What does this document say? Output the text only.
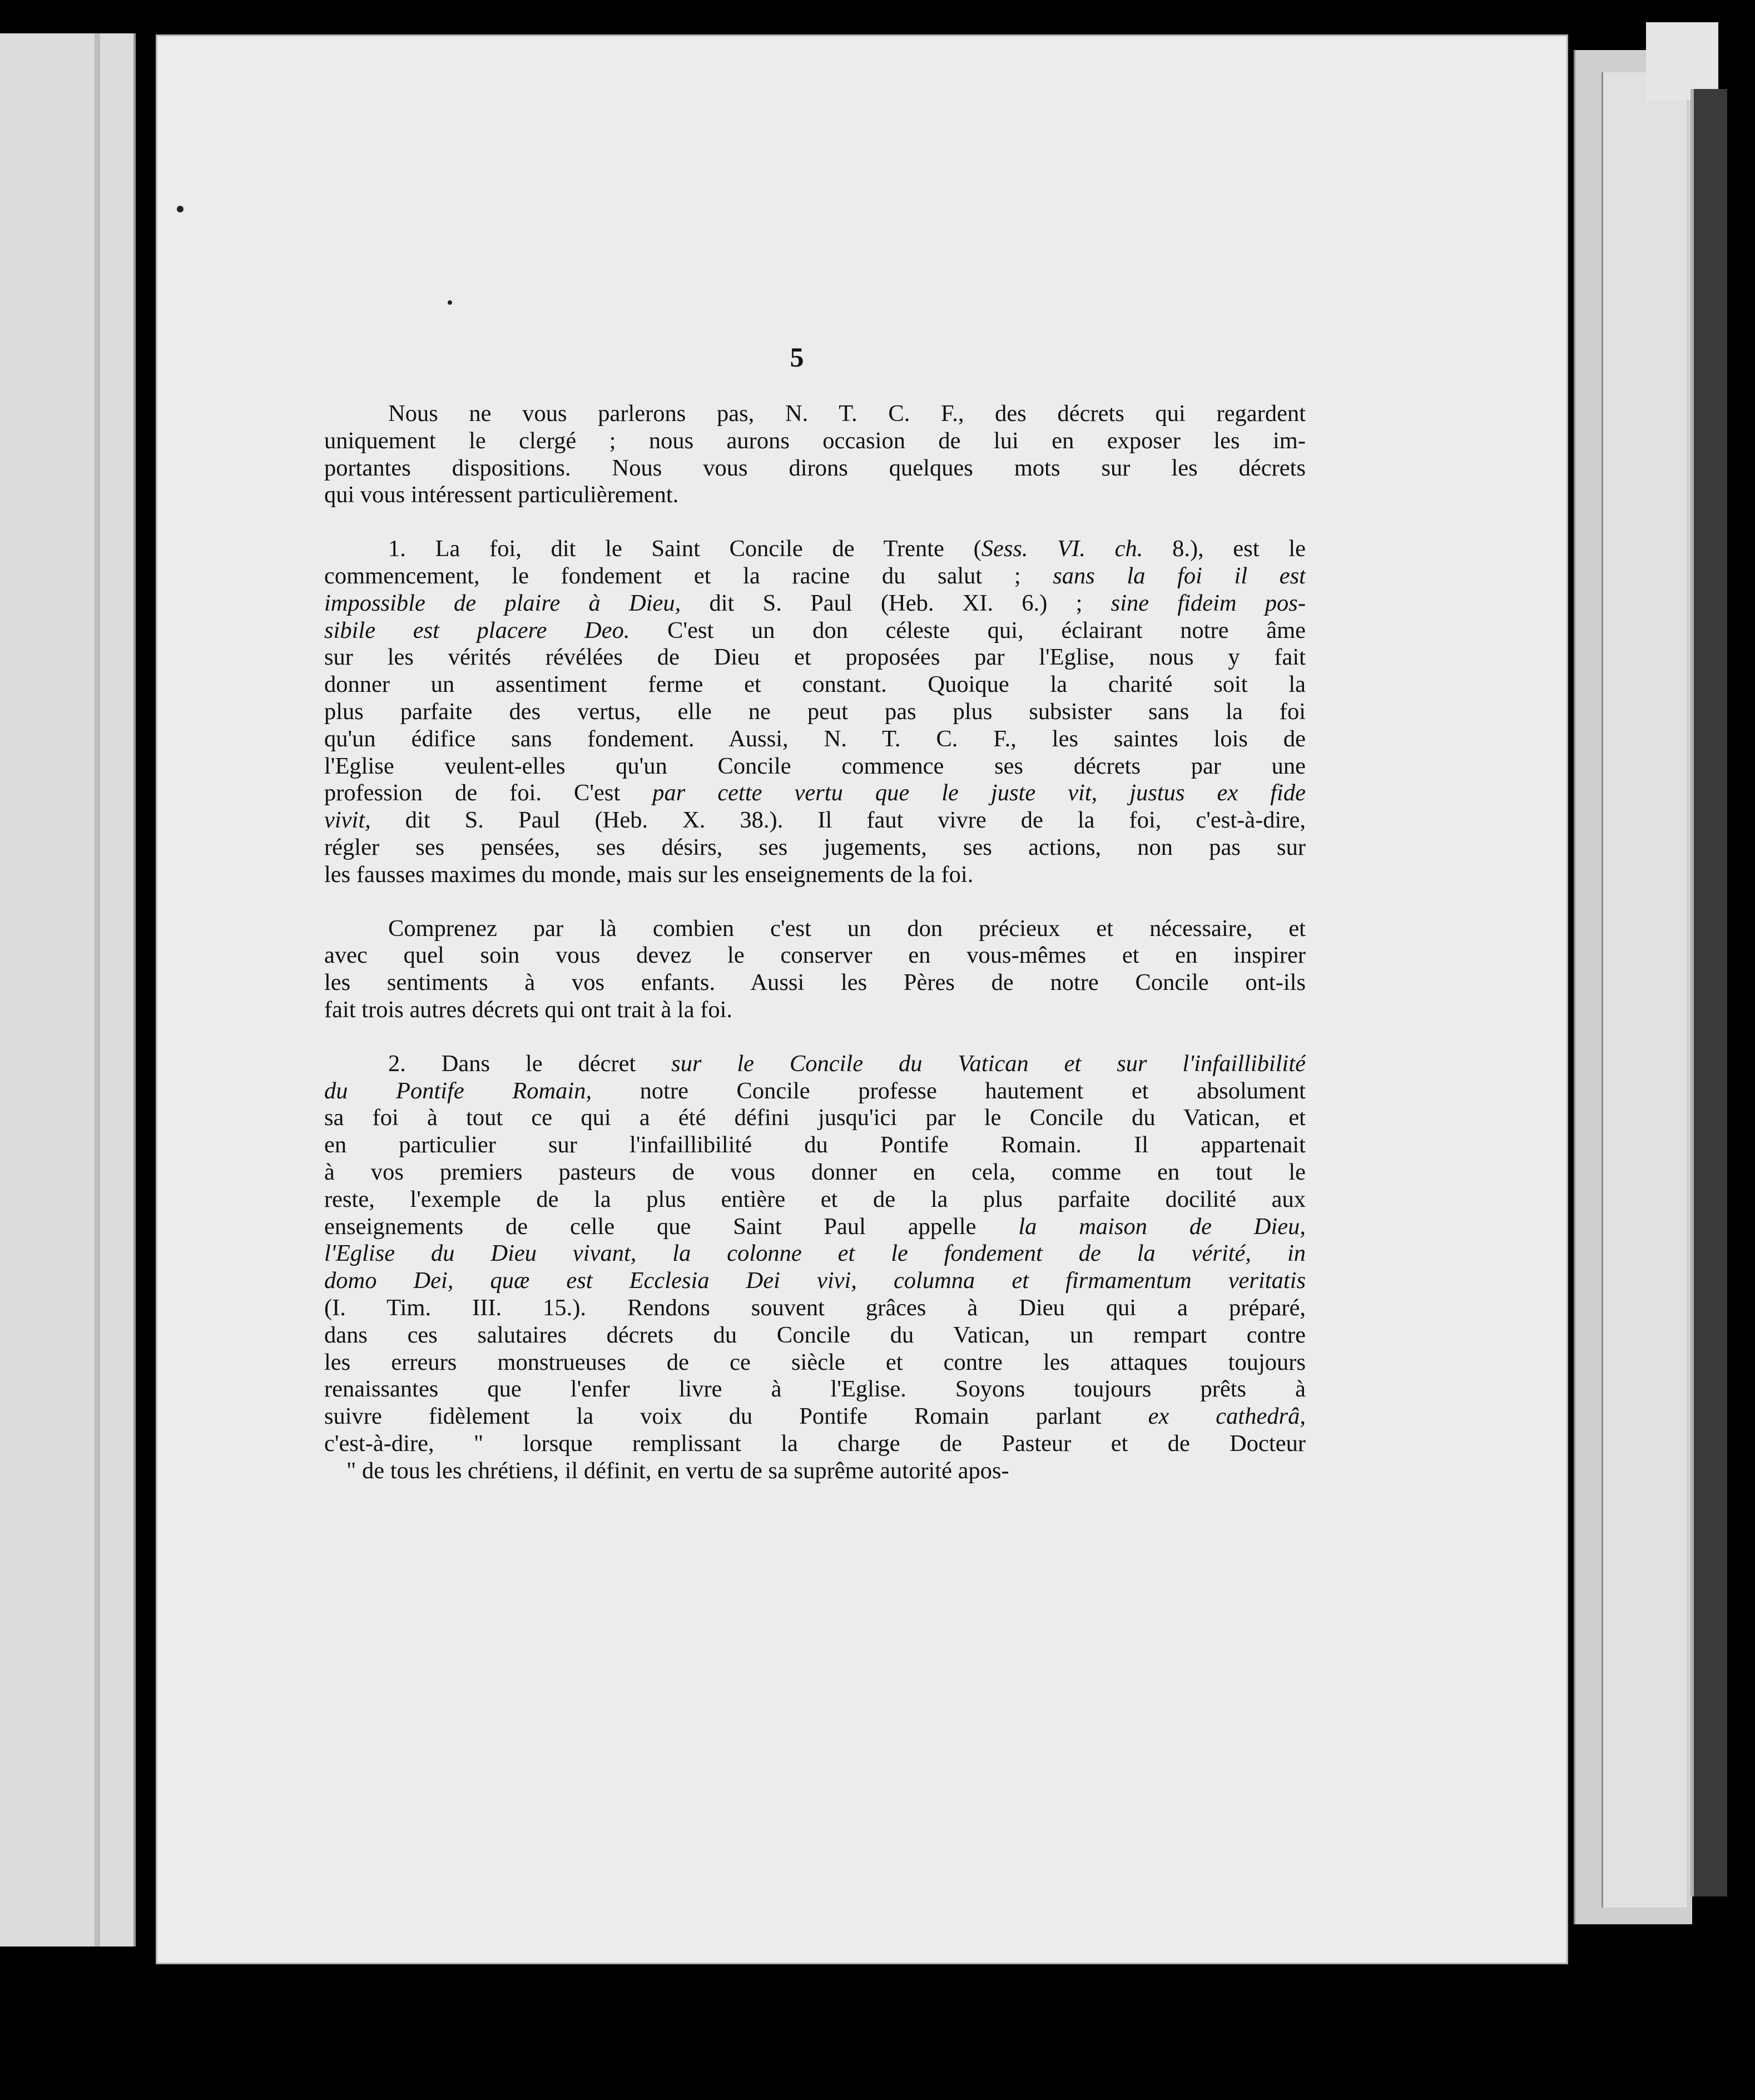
5
Nous ne vous parlerons pas, N. T. C. F., des décrets qui regardent
uniquement le clergé ; nous aurons occasion de lui en exposer les im-
portantes dispositions. Nous vous dirons quelques mots sur les décrets
qui vous intéressent particulièrement.
1. La foi, dit le Saint Concile de Trente (Sess. VI. ch. 8.), est le
commencement, le fondement et la racine du salut ; sans la foi il est
impossible de plaire à Dieu, dit S. Paul (Heb. XI. 6.) ; sine fideim pos-
sibile est placere Deo. C'est un don céleste qui, éclairant notre âme
sur les vérités révélées de Dieu et proposées par l'Eglise, nous y fait
donner un assentiment ferme et constant. Quoique la charité soit la
plus parfaite des vertus, elle ne peut pas plus subsister sans la foi
qu'un édifice sans fondement. Aussi, N. T. C. F., les saintes lois de
l'Eglise veulent-elles qu'un Concile commence ses décrets par une
profession de foi. C'est par cette vertu que le juste vit, justus ex fide
vivit, dit S. Paul (Heb. X. 38.). Il faut vivre de la foi, c'est-à-dire,
régler ses pensées, ses désirs, ses jugements, ses actions, non pas sur
les fausses maximes du monde, mais sur les enseignements de la foi.
Comprenez par là combien c'est un don précieux et nécessaire, et
avec quel soin vous devez le conserver en vous-mêmes et en inspirer
les sentiments à vos enfants. Aussi les Pères de notre Concile ont-ils
fait trois autres décrets qui ont trait à la foi.
2. Dans le décret sur le Concile du Vatican et sur l'infaillibilité
du Pontife Romain, notre Concile professe hautement et absolument
sa foi à tout ce qui a été défini jusqu'ici par le Concile du Vatican, et
en particulier sur l'infaillibilité du Pontife Romain. Il appartenait
à vos premiers pasteurs de vous donner en cela, comme en tout le
reste, l'exemple de la plus entière et de la plus parfaite docilité aux
enseignements de celle que Saint Paul appelle la maison de Dieu,
l'Eglise du Dieu vivant, la colonne et le fondement de la vérité, in
domo Dei, quæ est Ecclesia Dei vivi, columna et firmamentum veritatis
(I. Tim. III. 15.). Rendons souvent grâces à Dieu qui a préparé,
dans ces salutaires décrets du Concile du Vatican, un rempart contre
les erreurs monstrueuses de ce siècle et contre les attaques toujours
renaissantes que l'enfer livre à l'Eglise. Soyons toujours prêts à
suivre fidèlement la voix du Pontife Romain parlant ex cathedrâ,
c'est-à-dire, " lorsque remplissant la charge de Pasteur et de Docteur
" de tous les chrétiens, il définit, en vertu de sa suprême autorité apos-
